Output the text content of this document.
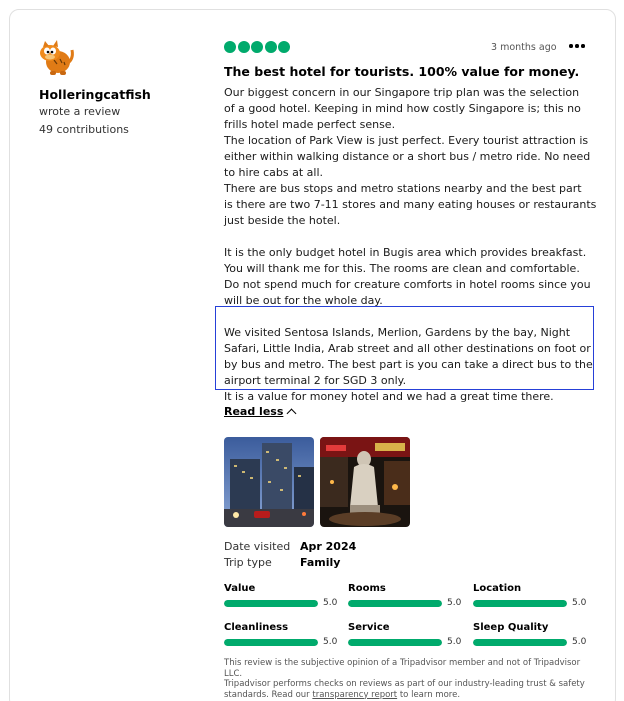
Holleringcatfish
wrote a review
49 contributions
3 months ago
The best hotel for tourists. 100% value for money.
Our biggest concern in our Singapore trip plan was the selection
of a good hotel. Keeping in mind how costly Singapore is; this no
frills hotel made perfect sense.
The location of Park View is just perfect. Every tourist attraction is
either within walking distance or a short bus / metro ride. No need
to hire cabs at all.
There are bus stops and metro stations nearby and the best part
is there are two 7-11 stores and many eating houses or restaurants
just beside the hotel.
It is the only budget hotel in Bugis area which provides breakfast.
You will thank me for this. The rooms are clean and comfortable.
Do not spend much for creature comforts in hotel rooms since you
will be out for the whole day.
We visited Sentosa Islands, Merlion, Gardens by the bay, Night
Safari, Little India, Arab street and all other destinations on foot or
by bus and metro. The best part is you can take a direct bus to the
airport terminal 2 for SGD 3 only.
It is a value for money hotel and we had a great time there.
Read less
Date visited Apr 2024
Trip type	Family
Value
5.0
Rooms
5.0
Location
5.0
Cleanliness
5.0
Service
5.0
Sleep Quality
5.0
This review is the subjective opinion of a Tripadvisor member and not of Tripadvisor LLC.
Tripadvisor performs checks on reviews as part of our industry-leading trust & safety
standards. Read our transparency report to learn more.
